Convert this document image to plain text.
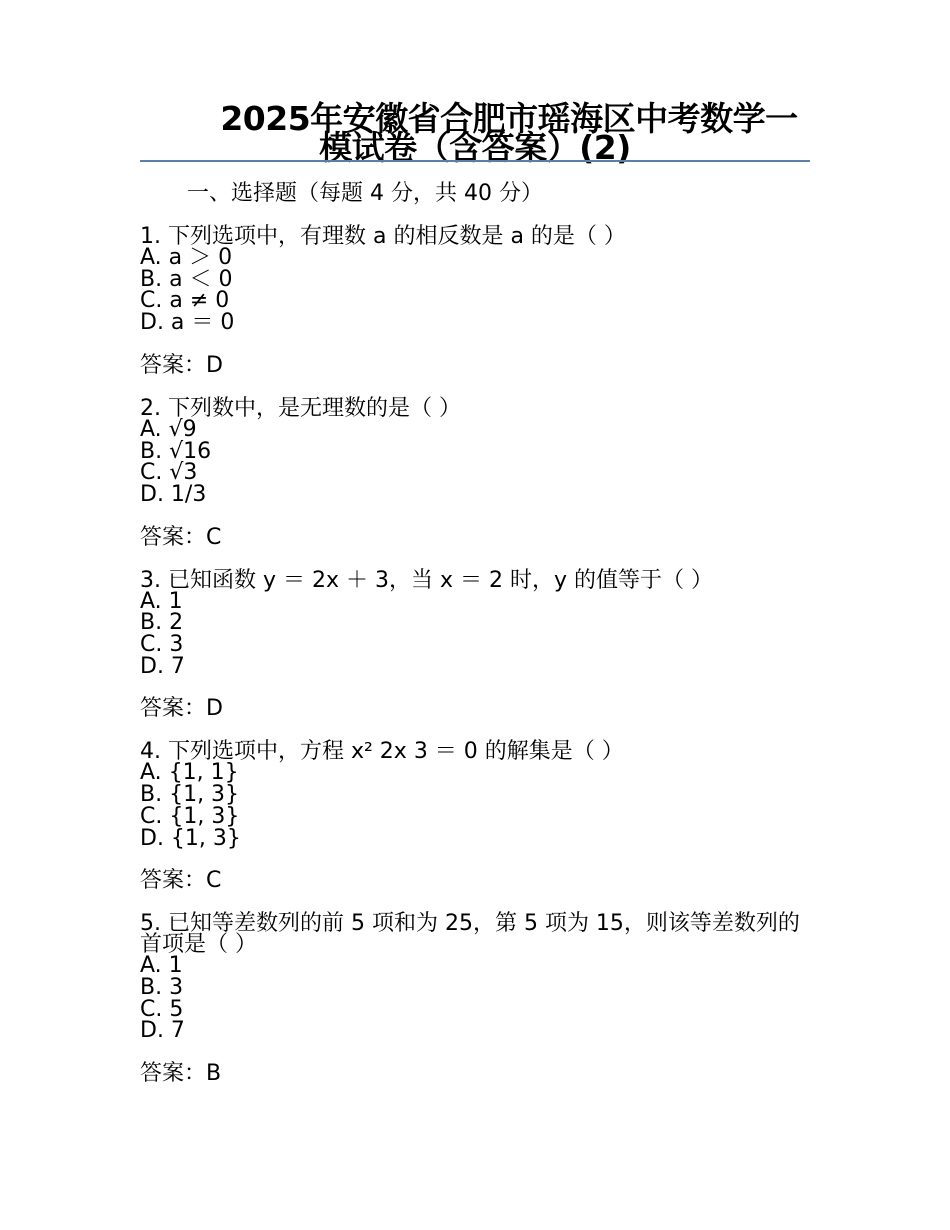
2025年安徽省合肥市瑶海区中考数学一
模试卷（含答案）(2)
一、选择题（每题 4 分，共 40 分）
1. 下列选项中，有理数 a 的相反数是 a 的是（ ）
A. a ＞ 0
B. a ＜ 0
C. a ≠ 0
D. a ＝ 0
答案：D
2. 下列数中，是无理数的是（ ）
A. √9
B. √16
C. √3
D. 1/3
答案：C
3. 已知函数 y ＝ 2x ＋ 3，当 x ＝ 2 时，y 的值等于（ ）
A. 1
B. 2
C. 3
D. 7
答案：D
4. 下列选项中，方程 x² 2x 3 ＝ 0 的解集是（ ）
A. {1, 1}
B. {1, 3}
C. {1, 3}
D. {1, 3}
答案：C
5. 已知等差数列的前 5 项和为 25，第 5 项为 15，则该等差数列的首项是（ ）
A. 1
B. 3
C. 5
D. 7
答案：B
